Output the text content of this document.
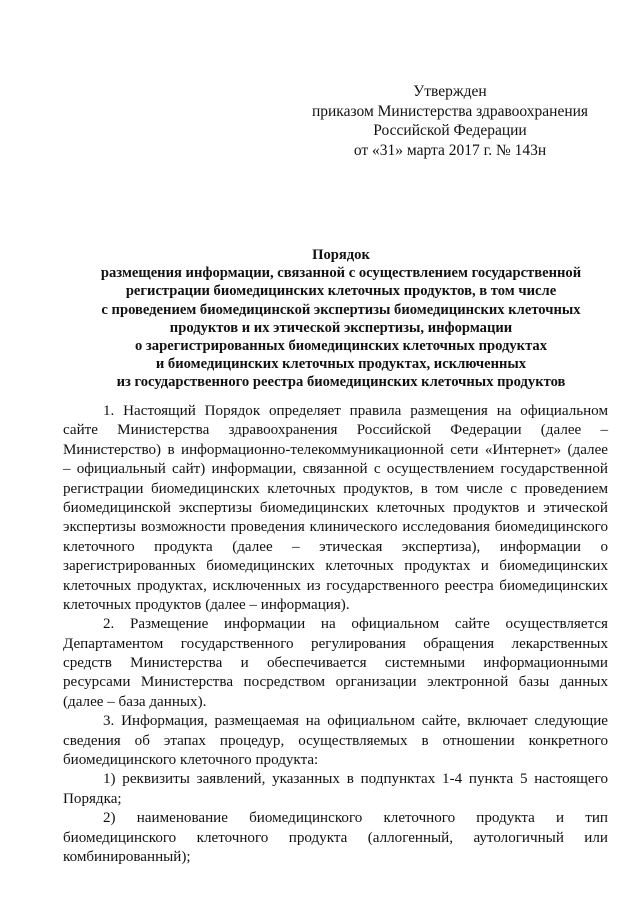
Утвержден
приказом Министерства здравоохранения
Российской Федерации
от «31» марта 2017 г. № 143н
Порядок
размещения информации, связанной с осуществлением государственной
регистрации биомедицинских клеточных продуктов, в том числе
с проведением биомедицинской экспертизы биомедицинских клеточных
продуктов и их этической экспертизы, информации
о зарегистрированных биомедицинских клеточных продуктах
и биомедицинских клеточных продуктах, исключенных
из государственного реестра биомедицинских клеточных продуктов
1. Настоящий Порядок определяет правила размещения на официальном
сайте Министерства здравоохранения Российской Федерации (далее –
Министерство) в информационно-телекоммуникационной сети «Интернет» (далее
– официальный сайт) информации, связанной с осуществлением государственной
регистрации биомедицинских клеточных продуктов, в том числе с проведением
биомедицинской экспертизы биомедицинских клеточных продуктов и этической
экспертизы возможности проведения клинического исследования биомедицинского
клеточного продукта (далее – этическая экспертиза), информации о
зарегистрированных биомедицинских клеточных продуктах и биомедицинских
клеточных продуктах, исключенных из государственного реестра биомедицинских
клеточных продуктов (далее – информация).
2. Размещение информации на официальном сайте осуществляется
Департаментом государственного регулирования обращения лекарственных
средств Министерства и обеспечивается системными информационными
ресурсами Министерства посредством организации электронной базы данных
(далее – база данных).
3. Информация, размещаемая на официальном сайте, включает следующие
сведения об этапах процедур, осуществляемых в отношении конкретного
биомедицинского клеточного продукта:
1) реквизиты заявлений, указанных в подпунктах 1-4 пункта 5 настоящего
Порядка;
2) наименование биомедицинского клеточного продукта и тип
биомедицинского клеточного продукта (аллогенный, аутологичный или
комбинированный);
